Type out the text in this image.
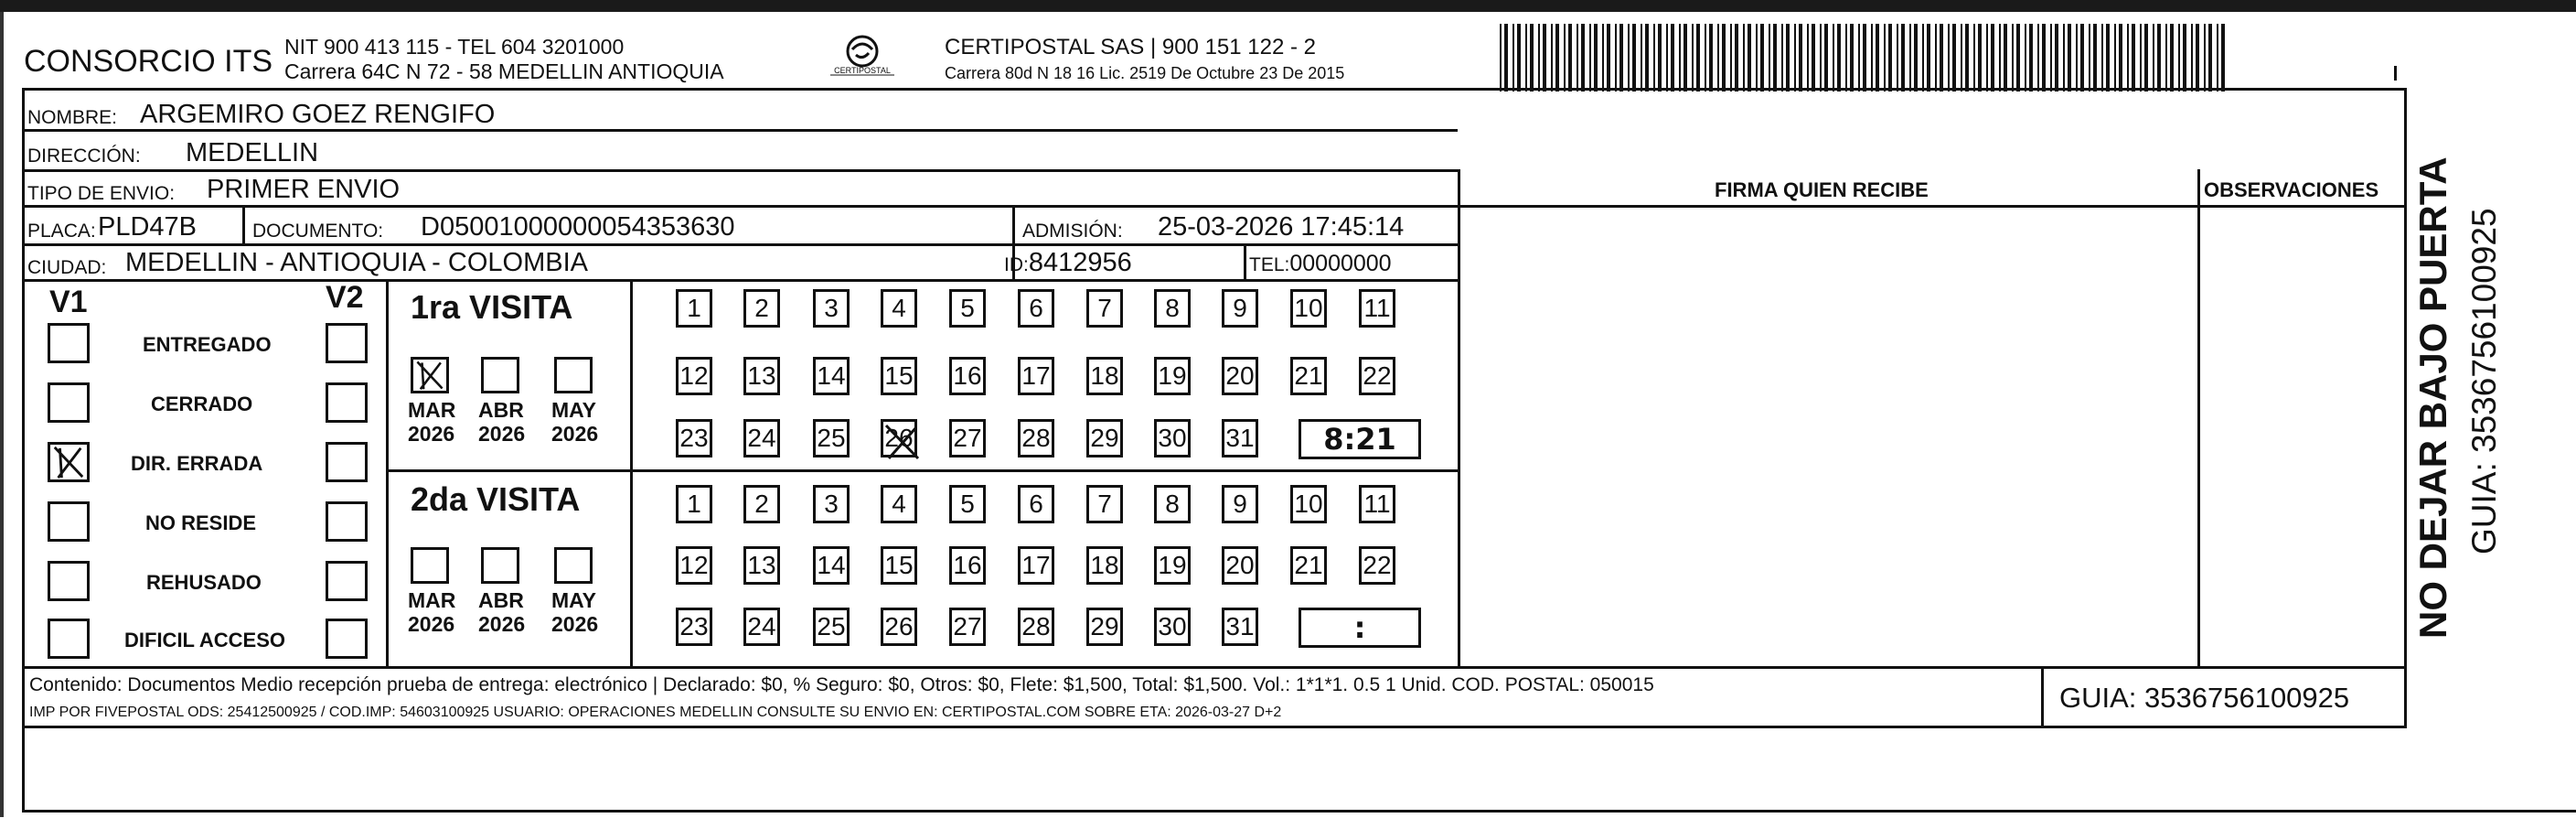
CONSORCIO ITS NIT 900 413 115 - TEL 604 3201000
Carrera 64C N 72 - 58 MEDELLIN ANTIOQUIA	CERTIPOSTAL
CERTIPOSTAL SAS | 900 151 122 - 2
Carrera 80d N 18 16 Lic. 2519 De Octubre 23 De 2015
NOMBRE: ARGEMIRO GOEZ RENGIFO
DIRECCIÓN: MEDELLIN
TIPO DE ENVIO: PRIMER ENVIO	FIRMA QUIEN RECIBE	OBSERVACIONES
PLACA: PLD47B	DOCUMENTO: D05001000000054353630	ADMISIÓN: 25-03-2026 17:45:14
CIUDAD: MEDELLIN - ANTIOQUIA - COLOMBIA	ID:8412956	TEL:00000000
V1	V2
ENTREGADO
CERRADO
DIR. ERRADA
NO RESIDE
REHUSADO
DIFICIL ACCESO
1ra VISITA
2da VISITA
MAR
2026
ABR
2026
MAY
2026
MAR
2026
ABR
2026
MAY
2026
1 2 3 4 5 6 7 8 9 10 11
12 13 14 15 16 17 18 19 20 21 22
23 24 25 26 27 28 29 30 31	8:21
1 2 3 4 5 6 7 8 9 10 11
12 13 14 15 16 17 18 19 20 21 22
23 24 25 26 27 28 29 30 31	:
Contenido: Documentos Medio recepción prueba de entrega: electrónico | Declarado: $0, % Seguro: $0, Otros: $0, Flete: $1,500, Total: $1,500. Vol.: 1*1*1. 0.5 1 Unid. COD. POSTAL: 050015
IMP POR FIVEPOSTAL ODS: 25412500925 / COD.IMP: 54603100925 USUARIO: OPERACIONES MEDELLIN CONSULTE SU ENVIO EN: CERTIPOSTAL.COM SOBRE ETA: 2026-03-27 D+2	GUIA: 3536756100925
NO DEJAR BAJO PUERTA GUIA: 3536756100925
